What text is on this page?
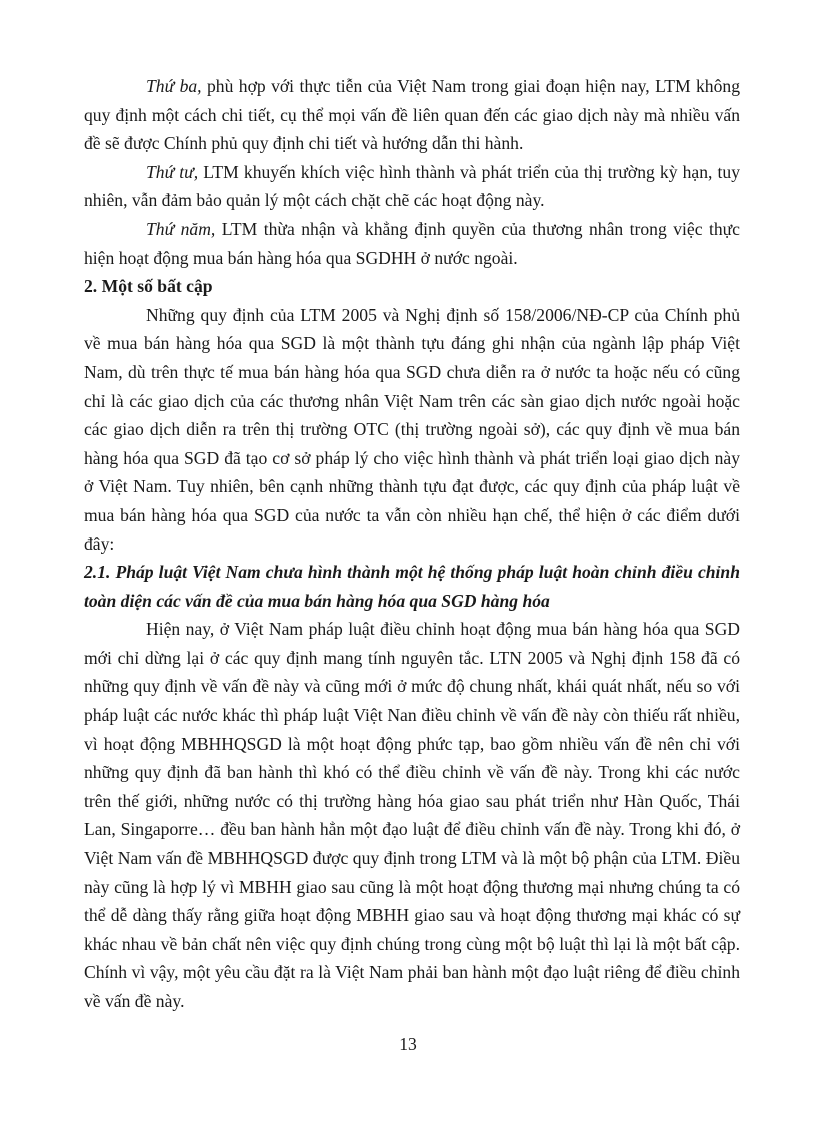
Thứ ba, phù hợp với thực tiễn của Việt Nam trong giai đoạn hiện nay, LTM không quy định một cách chi tiết, cụ thể mọi vấn đề liên quan đến các giao dịch này mà nhiều vấn đề sẽ được Chính phủ quy định chi tiết và hướng dẫn thi hành.

Thứ tư, LTM khuyến khích việc hình thành và phát triển của thị trường kỳ hạn, tuy nhiên, vẫn đảm bảo quản lý một cách chặt chẽ các hoạt động này.

Thứ năm, LTM thừa nhận và khẳng định quyền của thương nhân trong việc thực hiện hoạt động mua bán hàng hóa qua SGDHH ở nước ngoài.

2. Một số bất cập

Những quy định của LTM 2005 và Nghị định số 158/2006/NĐ-CP của Chính phủ về mua bán hàng hóa qua SGD là một thành tựu đáng ghi nhận của ngành lập pháp Việt Nam, dù trên thực tế mua bán hàng hóa qua SGD chưa diễn ra ở nước ta hoặc nếu có cũng chỉ là các giao dịch của các thương nhân Việt Nam trên các sàn giao dịch nước ngoài hoặc các giao dịch diễn ra trên thị trường OTC (thị trường ngoài sở), các quy định về mua bán hàng hóa qua SGD đã tạo cơ sở pháp lý cho việc hình thành và phát triển loại giao dịch này ở Việt Nam. Tuy nhiên, bên cạnh những thành tựu đạt được, các quy định của pháp luật về mua bán hàng hóa qua SGD của nước ta vẫn còn nhiều hạn chế, thể hiện ở các điểm dưới đây:

2.1. Pháp luật Việt Nam chưa hình thành một hệ thống pháp luật hoàn chỉnh điều chỉnh toàn diện các vấn đề của mua bán hàng hóa qua SGD hàng hóa

Hiện nay, ở Việt Nam pháp luật điều chỉnh hoạt động mua bán hàng hóa qua SGD mới chỉ dừng lại ở các quy định mang tính nguyên tắc. LTN 2005 và Nghị định 158 đã có những quy định về vấn đề này và cũng mới ở mức độ chung nhất, khái quát nhất, nếu so với pháp luật các nước khác thì pháp luật Việt Nan điều chỉnh về vấn đề này còn thiếu rất nhiều, vì hoạt động MBHHQSGD là một hoạt động phức tạp, bao gồm nhiều vấn đề nên chỉ với những quy định đã ban hành thì khó có thể điều chỉnh về vấn đề này. Trong khi các nước trên thế giới, những nước có thị trường hàng hóa giao sau phát triển như Hàn Quốc, Thái Lan, Singaporre… đều ban hành hẳn một đạo luật để điều chỉnh vấn đề này. Trong khi đó, ở Việt Nam vấn đề MBHHQSGD được quy định trong LTM và là một bộ phận của LTM. Điều này cũng là hợp lý vì MBHH giao sau cũng là một hoạt động thương mại nhưng chúng ta có thể dễ dàng thấy rằng giữa hoạt động MBHH giao sau và hoạt động thương mại khác có sự khác nhau về bản chất nên việc quy định chúng trong cùng một bộ luật thì lại là một bất cập. Chính vì vậy, một yêu cầu đặt ra là Việt Nam phải ban hành một đạo luật riêng để điều chỉnh về vấn đề này.

13
